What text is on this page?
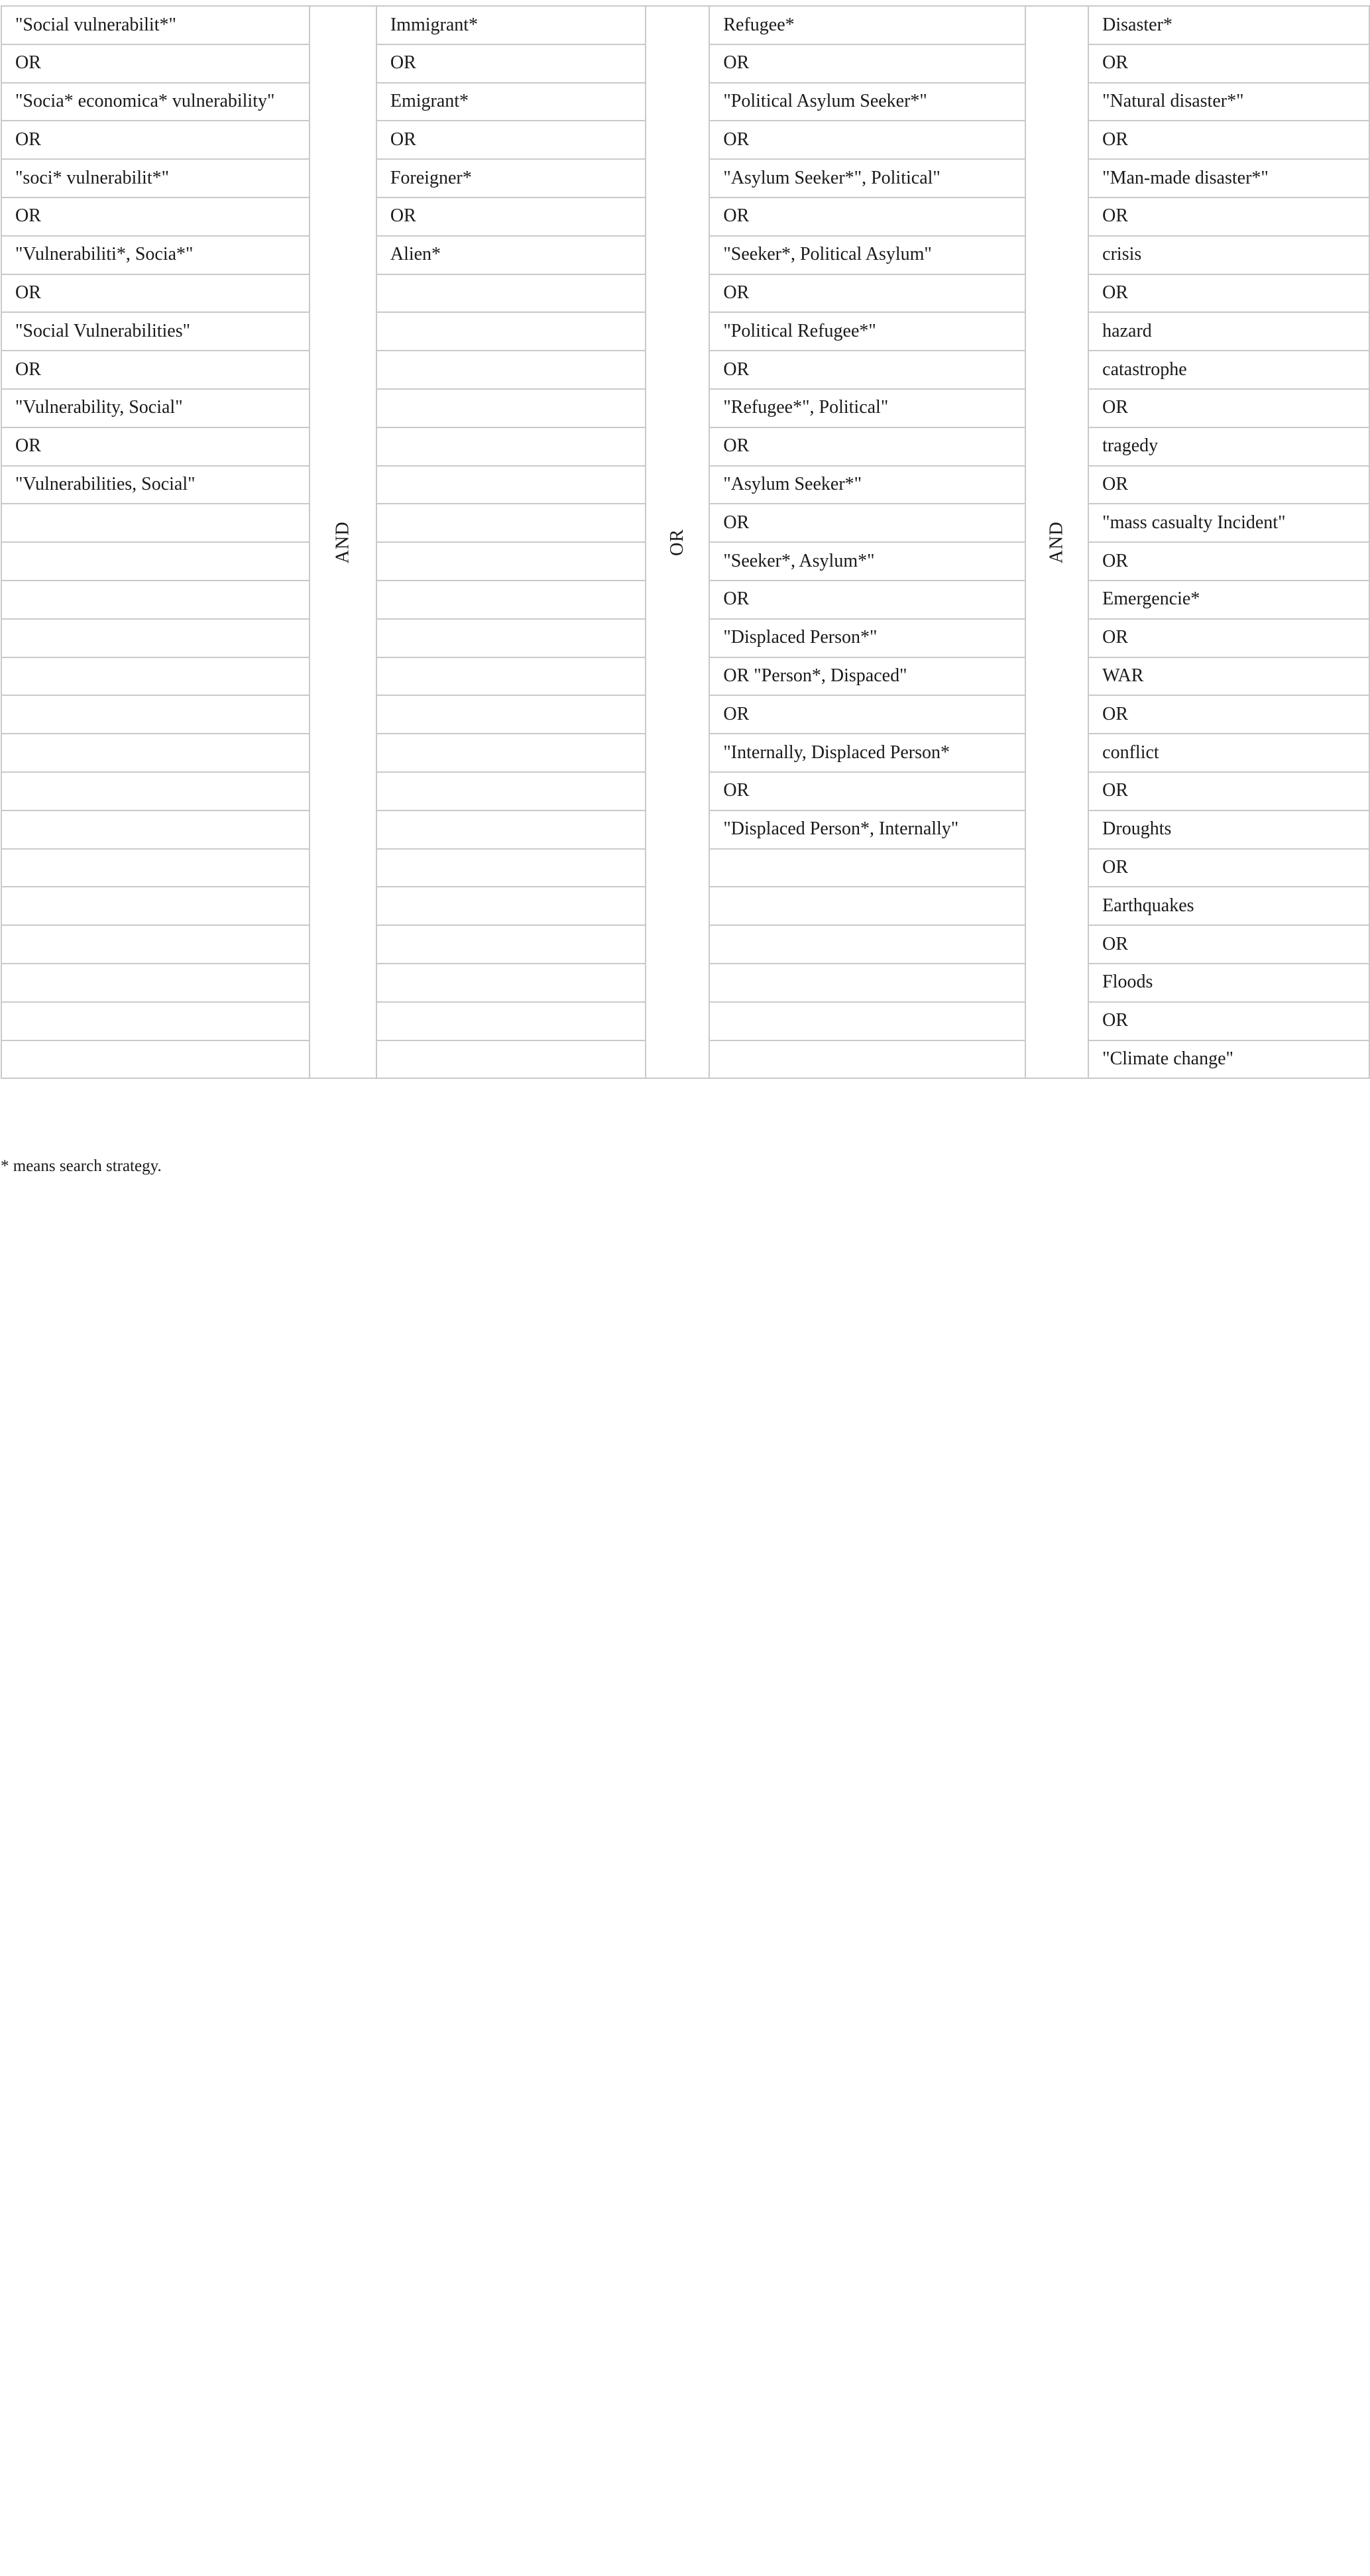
"Social vulnerabilit*"	AND	Immigrant*	OR	Refugee*	AND	Disaster*
OR		OR		OR		OR
"Socia* economica* vulnerability"		Emigrant*		"Political Asylum Seeker*"		"Natural disaster*"
OR		OR		OR		OR
"soci* vulnerabilit*"		Foreigner*		"Asylum Seeker*", Political"		"Man-made disaster*"
OR		OR		OR		OR
"Vulnerabiliti*, Socia*"		Alien*		"Seeker*, Political Asylum"		crisis
OR				OR		OR
"Social Vulnerabilities"				"Political Refugee*"		hazard
OR				OR		catastrophe
"Vulnerability, Social"				"Refugee*", Political"		OR
OR				OR		tragedy
"Vulnerabilities, Social"				"Asylum Seeker*"		OR
				OR		"mass casualty Incident"
				"Seeker*, Asylum*"		OR
				OR		Emergencie*
				"Displaced Person*"		OR
				OR "Person*, Dispaced"		WAR
				OR		OR
				"Internally, Displaced Person*		conflict
				OR		OR
				"Displaced Person*, Internally"		Droughts
						OR
						Earthquakes
						OR
						Floods
						OR
						"Climate change"
* means search strategy.
